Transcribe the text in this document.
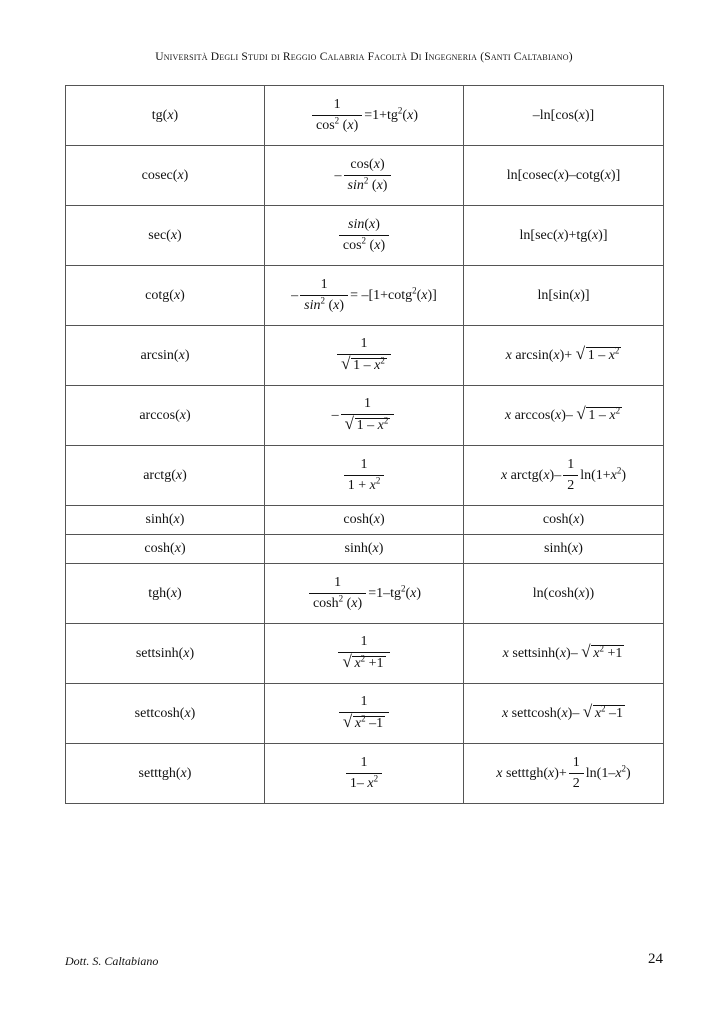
Università Degli Studi di Reggio Calabria Facoltà Di Ingegneria (Santi Caltabiano)
tg(x)	$\frac{1}{\cos^2 (x)} =1+tg^2(x)$	–ln[cos(x)]
cosec(x)	– $\frac{\cos(x)}{\sin^2 (x)}$	ln[cosec(x)–cotg(x)]
sec(x)	$\frac{\sin(x)}{\cos^2 (x)}$	ln[sec(x)+tg(x)]
cotg(x)	– $\frac{1}{\sin^2 (x)} = -[1+\cot g^2(x)]$	ln[sin(x)]
arcsin(x)	$\frac{1}{√ 1 - x^2}$	x arcsin(x)+ √ $1 - x^2$
arccos(x)	– $\frac{1}{√ 1 - x^2}$	x arccos(x)– √ $1 - x^2$
arctg(x)	$\frac{1}{1 + x^2}$	x arctg(x)– $\frac{1}{2} \ln(1+x^2)$
sinh(x)	cosh(x)	cosh(x)
cosh(x)	sinh(x)	sinh(x)
tgh(x)	$\frac{1}{\cosh^2 (x)} =1-tg^2(x)$	ln(cosh(x))
settsinh(x)	$\frac{1}{√ x^2 +1}$	x settsinh(x)– √ $x^2 +1$
settcosh(x)	$\frac{1}{√ x^2 -1}$	x settcosh(x)– √ $x^2$ –1
setttgh(x)	$\frac{1}{1- x^2}$	x setttgh(x)+ $\frac{1}{2} \ln(1-x^2)$
Dott. S. Caltabiano	24
